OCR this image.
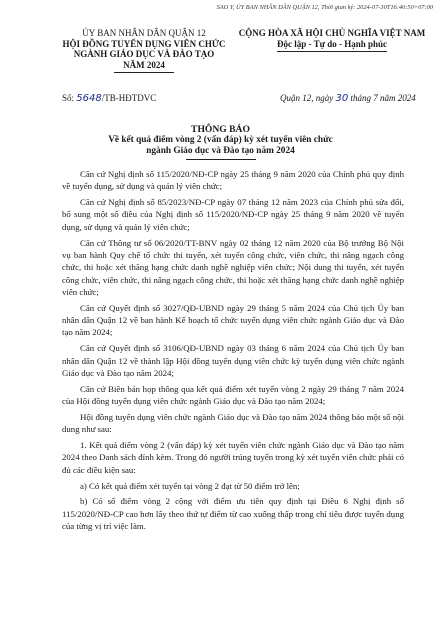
SAO Y, ỦY BAN NHÂN DÂN QUẬN 12, Thời gian ký: 2024-07-30T16:40:50+07:00
ỦY BAN NHÂN DÂN QUẬN 12
HỘI ĐỒNG TUYỂN DỤNG VIÊN CHỨC
NGÀNH GIÁO DỤC VÀ ĐÀO TẠO
NĂM 2024
CỘNG HÒA XÃ HỘI CHỦ NGHĨA VIỆT NAM
Độc lập - Tự do - Hạnh phúc
Số: 5648/TB-HĐTDVC	Quận 12, ngày 30 tháng 7 năm 2024
THÔNG BÁO
Về kết quả điểm vòng 2 (vấn đáp) kỳ xét tuyển viên chức
ngành Giáo dục và Đào tạo năm 2024

Căn cứ Nghị định số 115/2020/NĐ-CP ngày 25 tháng 9 năm 2020 của Chính phủ quy định về tuyển dụng, sử dụng và quản lý viên chức;

Căn cứ Nghị định số 85/2023/NĐ-CP ngày 07 tháng 12 năm 2023 của Chính phủ sửa đổi, bổ sung một số điều của Nghị định số 115/2020/NĐ-CP ngày 25 tháng 9 năm 2020 về tuyển dụng, sử dụng và quản lý viên chức;

Căn cứ Thông tư số 06/2020/TT-BNV ngày 02 tháng 12 năm 2020 của Bộ trưởng Bộ Nội vụ ban hành Quy chế tổ chức thi tuyển, xét tuyển công chức, viên chức, thi nâng ngạch công chức, thi hoặc xét thăng hạng chức danh nghề nghiệp viên chức; Nội dung thi tuyển, xét tuyển công chức, viên chức, thi nâng ngạch công chức, thi hoặc xét thăng hạng chức danh nghề nghiệp viên chức;

Căn cứ Quyết định số 3027/QĐ-UBND ngày 29 tháng 5 năm 2024 của Chủ tịch Ủy ban nhân dân Quận 12 về ban hành Kế hoạch tổ chức tuyển dụng viên chức ngành Giáo dục và Đào tạo năm 2024;

Căn cứ Quyết định số 3106/QĐ-UBND ngày 03 tháng 6 năm 2024 của Chủ tịch Ủy ban nhân dân Quận 12 về thành lập Hội đồng tuyển dụng viên chức kỳ tuyển dụng viên chức ngành Giáo dục và Đào tạo năm 2024;

Căn cứ Biên bản họp thông qua kết quả điểm xét tuyển vòng 2 ngày 29 tháng 7 năm 2024 của Hội đồng tuyển dụng viên chức ngành Giáo dục và Đào tạo năm 2024;

Hội đồng tuyển dụng viên chức ngành Giáo dục và Đào tạo năm 2024 thông báo một số nội dung như sau:

1. Kết quả điểm vòng 2 (vấn đáp) kỳ xét tuyển viên chức ngành Giáo dục và Đào tạo năm 2024 theo Danh sách đính kèm. Trong đó người trúng tuyển trong kỳ xét tuyển viên chức phải có đủ các điều kiện sau:

a) Có kết quả điểm xét tuyển tại vòng 2 đạt từ 50 điểm trở lên;

b) Có số điểm vòng 2 cộng với điểm ưu tiên quy định tại Điều 6 Nghị định số 115/2020/NĐ-CP cao hơn lấy theo thứ tự điểm từ cao xuống thấp trong chỉ tiêu được tuyển dụng của từng vị trí việc làm.
